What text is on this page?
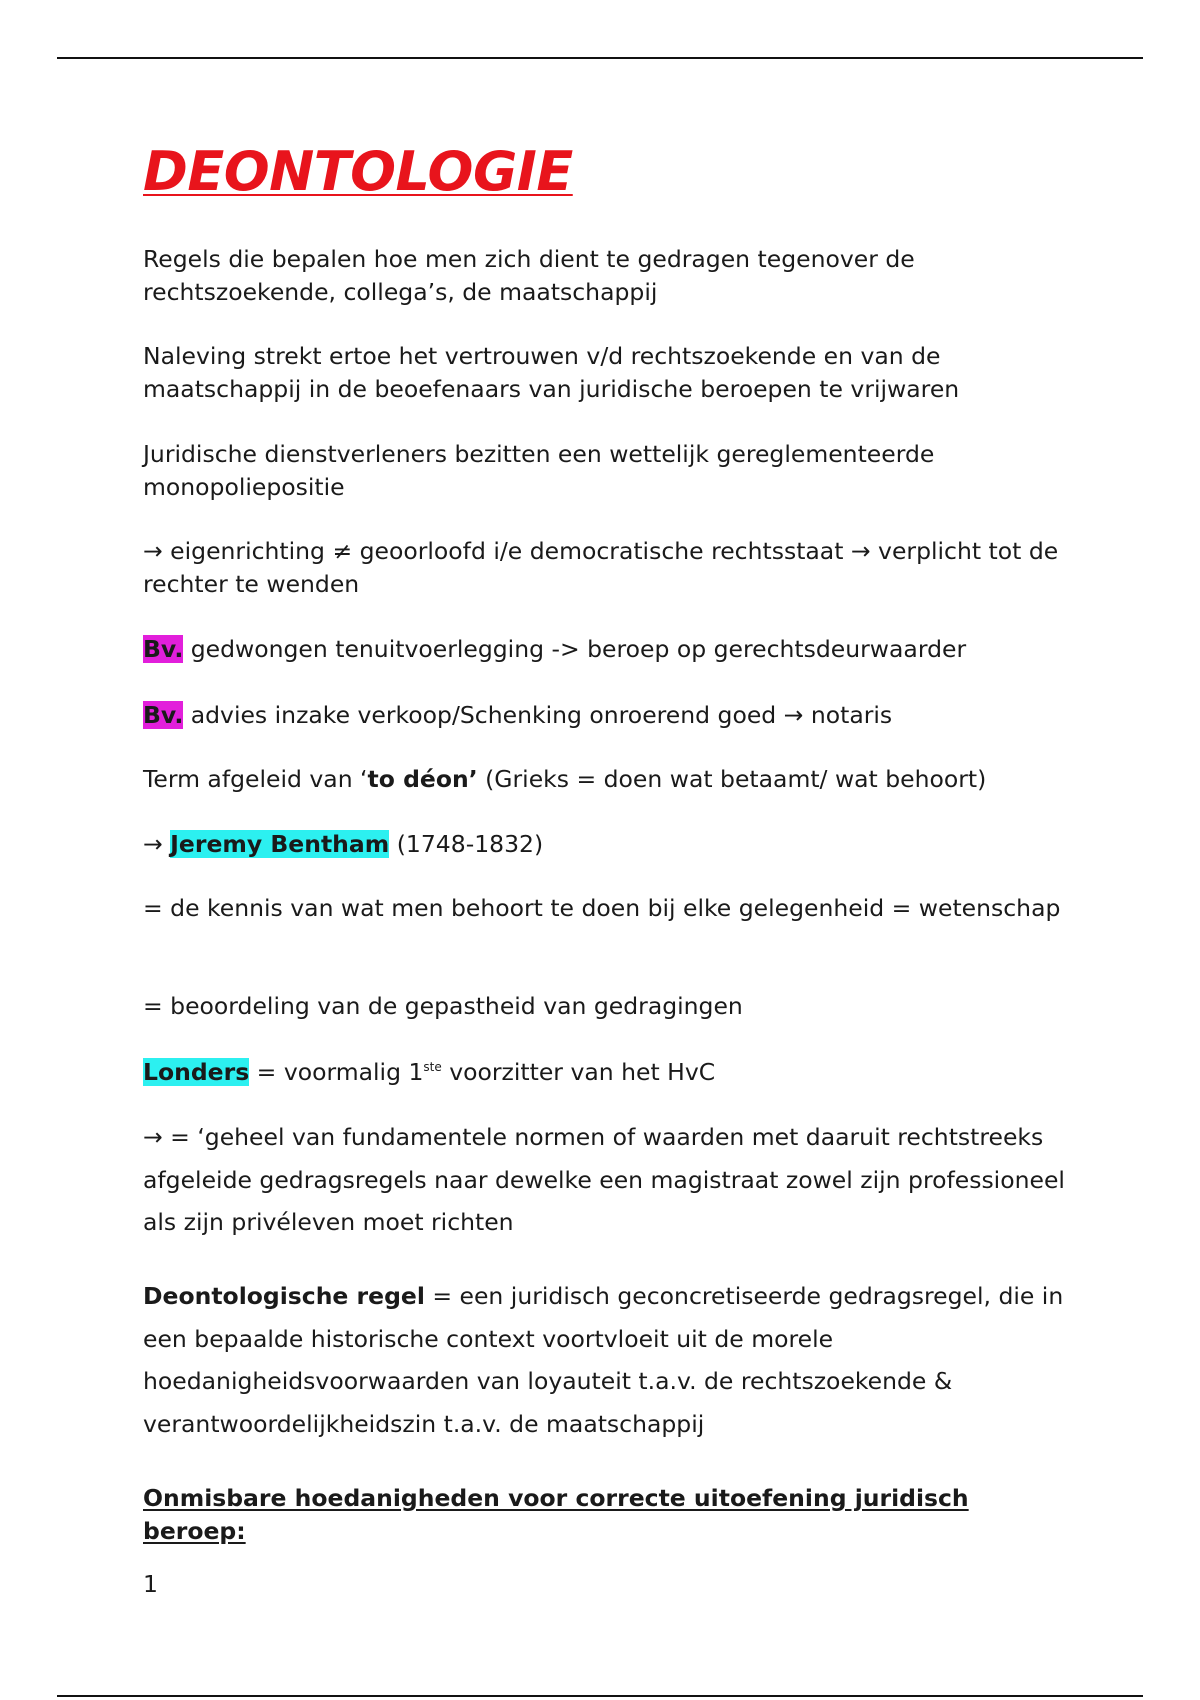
DEONTOLOGIE

Regels die bepalen hoe men zich dient te gedragen tegenover de rechtszoekende, collega’s, de maatschappij

Naleving strekt ertoe het vertrouwen v/d rechtszoekende en van de maatschappij in de beoefenaars van juridische beroepen te vrijwaren

Juridische dienstverleners bezitten een wettelijk gereglementeerde monopoliepositie

→ eigenrichting ≠ geoorloofd i/e democratische rechtsstaat → verplicht tot de rechter te wenden

Bv. gedwongen tenuitvoerlegging -> beroep op gerechtsdeurwaarder

Bv. advies inzake verkoop/Schenking onroerend goed → notaris

Term afgeleid van ‘to déon’ (Grieks = doen wat betaamt/ wat behoort)

→ Jeremy Bentham (1748-1832)

= de kennis van wat men behoort te doen bij elke gelegenheid = wetenschap

= beoordeling van de gepastheid van gedragingen

Londers = voormalig 1ste voorzitter van het HvC

→ = ‘geheel van fundamentele normen of waarden met daaruit rechtstreeks afgeleide gedragsregels naar dewelke een magistraat zowel zijn professioneel als zijn privéleven moet richten

Deontologische regel = een juridisch geconcretiseerde gedragsregel, die in een bepaalde historische context voortvloeit uit de morele hoedanigheidsvoorwaarden van loyauteit t.a.v. de rechtszoekende & verantwoordelijkheidszin t.a.v. de maatschappij

Onmisbare hoedanigheden voor correcte uitoefening juridisch beroep:

1
